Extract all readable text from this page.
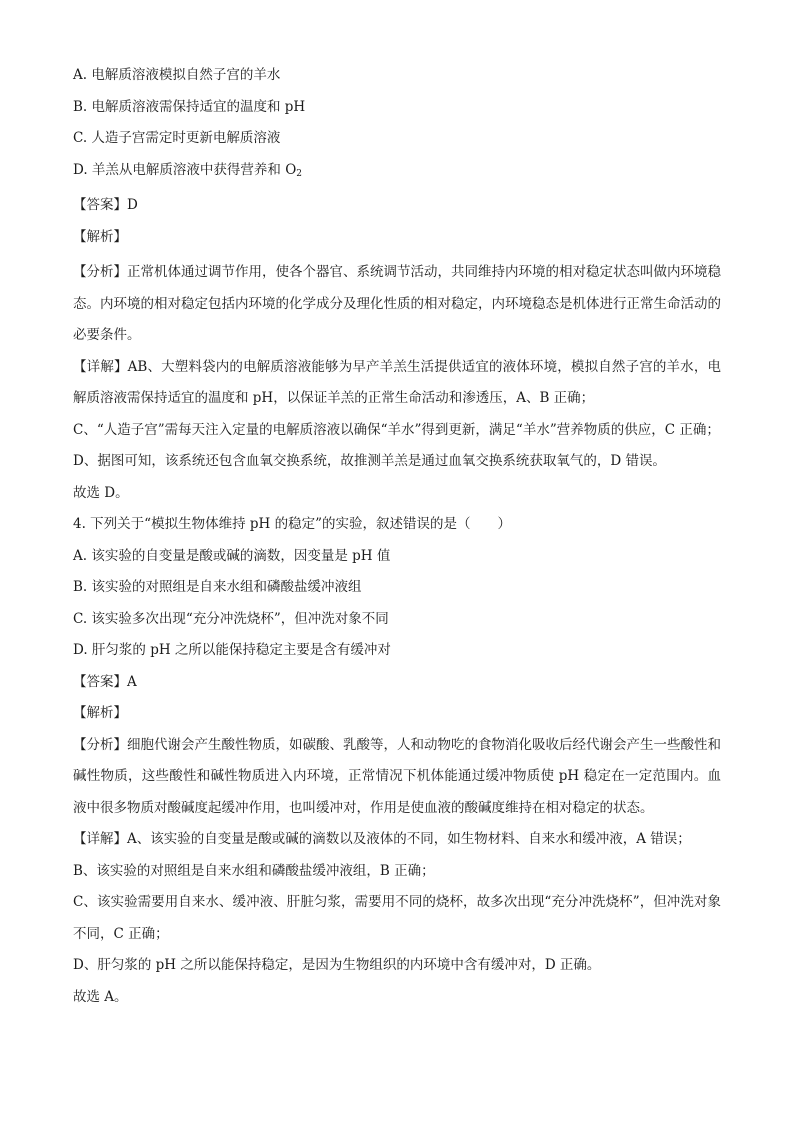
A. 电解质溶液模拟自然子宫的羊水
B. 电解质溶液需保持适宜的温度和 pH
C. 人造子宫需定时更新电解质溶液
D. 羊羔从电解质溶液中获得营养和 $O_2$
【答案】D
【解析】
【分析】正常机体通过调节作用，使各个器官、系统调节活动，共同维持内环境的相对稳定状态叫做内环境稳态。内环境的相对稳定包括内环境的化学成分及理化性质的相对稳定，内环境稳态是机体进行正常生命活动的必要条件。
【详解】AB、大塑料袋内的电解质溶液能够为早产羊羔生活提供适宜的液体环境，模拟自然子宫的羊水，电解质溶液需保持适宜的温度和 pH，以保证羊羔的正常生命活动和渗透压，A、B 正确；
C、“人造子宫”需每天注入定量的电解质溶液以确保“羊水”得到更新，满足“羊水”营养物质的供应，C 正确；
D、据图可知，该系统还包含血氧交换系统，故推测羊羔是通过血氧交换系统获取氧气的，D 错误。
故选 D。
4. 下列关于“模拟生物体维持 pH 的稳定”的实验，叙述错误的是（　　）
A. 该实验的自变量是酸或碱的滴数，因变量是 pH 值
B. 该实验的对照组是自来水组和磷酸盐缓冲液组
C. 该实验多次出现“充分冲洗烧杯”，但冲洗对象不同
D. 肝匀浆的 pH 之所以能保持稳定主要是含有缓冲对
【答案】A
【解析】
【分析】细胞代谢会产生酸性物质，如碳酸、乳酸等，人和动物吃的食物消化吸收后经代谢会产生一些酸性和碱性物质，这些酸性和碱性物质进入内环境，正常情况下机体能通过缓冲物质使 pH 稳定在一定范围内。血液中很多物质对酸碱度起缓冲作用，也叫缓冲对，作用是使血液的酸碱度维持在相对稳定的状态。
【详解】A、该实验的自变量是酸或碱的滴数以及液体的不同，如生物材料、自来水和缓冲液，A 错误；
B、该实验的对照组是自来水组和磷酸盐缓冲液组，B 正确；
C、该实验需要用自来水、缓冲液、肝脏匀浆，需要用不同的烧杯，故多次出现“充分冲洗烧杯”，但冲洗对象不同，C 正确；
D、肝匀浆的 pH 之所以能保持稳定，是因为生物组织的内环境中含有缓冲对，D 正确。
故选 A。
